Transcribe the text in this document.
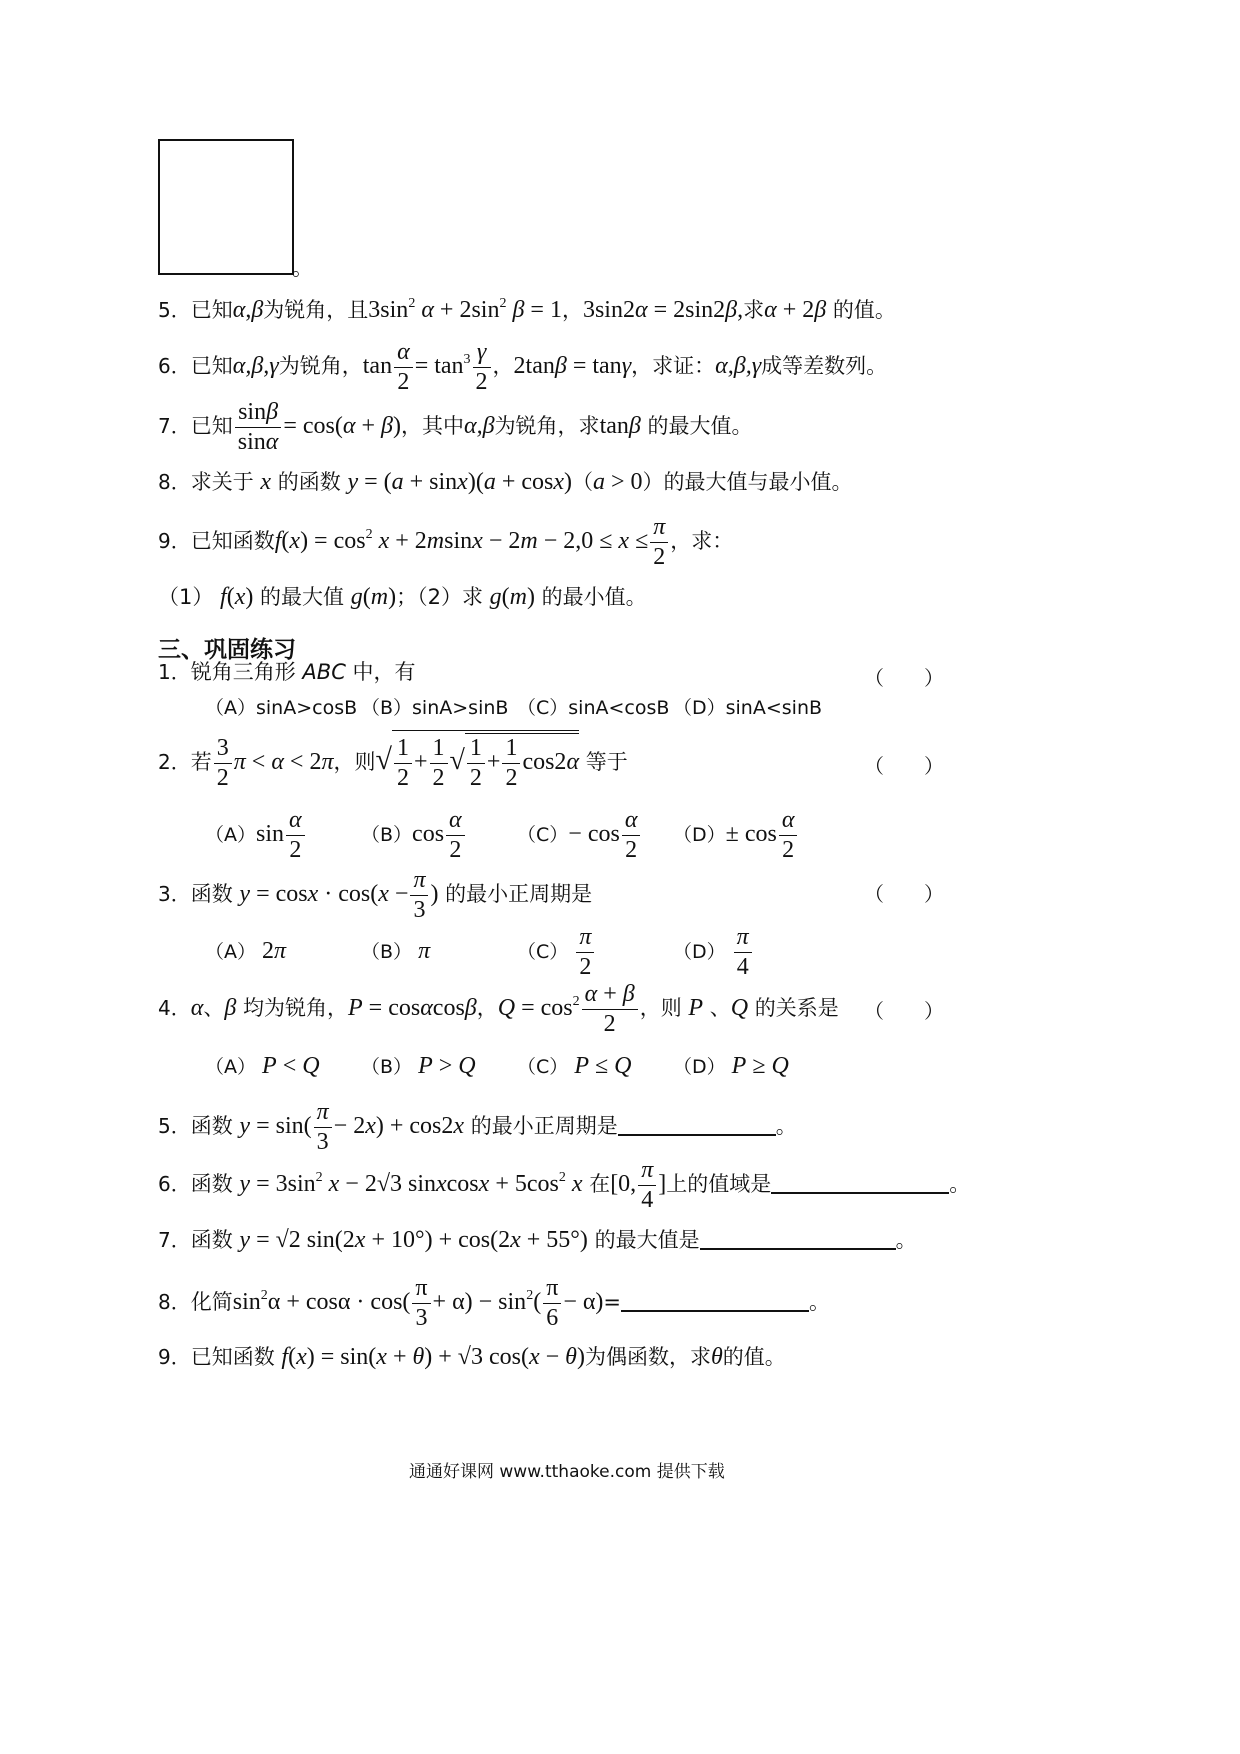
。
5．已知α,β为锐角，且$3\sin^2$ $\alpha + 2\sin^2$ β = 1，3sin2α = 2sin2β,求α + 2β 的值。
6．已知α,β,γ为锐角，$\tan \frac{\alpha}{2} = \tan^3 \frac{\gamma}{2}$ ，2tanβ = tanγ，求证：α,β,γ成等差数列。
7．已知 $\frac{\sin\beta}{\sin\alpha} = \cos(\alpha + \beta)$，其中α,β为锐角，求tanβ 的最大值。
8．求关于 x 的函数 y = (a + sinx)(a + cosx)（a > 0）的最大值与最小值。
9．已知函数$f(x) = \cos^2 x + 2msinx - 2m - 2,0 \le x \le \frac{\pi}{2}$ ，求：
（1） f(x) 的最大值 g(m)；（2）求 g(m) 的最小值。
三、巩固练习
1．锐角三角形 ABC 中，有	（　　）
（A）sinA>cosB （B）sinA>sinB （C）sinA<cosB （D）sinA<sinB
2．若 $\frac{3}{2}$ π < α < 2π，则√ $\frac{1}{2} + \frac{1}{2}$ √ $\frac{1}{2} + \frac{1}{2} \cos 2\alpha$ 等于	（　　）
$(A)\sin \frac{\alpha}{2}$	$(B)\cos \frac{\alpha}{2}$	$(C)- \cos \frac{\alpha}{2} (D)\pm \cos \frac{\alpha}{2}$
3．函数 $y = \cos x \cdot \cos(x - \frac{\pi}{3}$ ) 的最小正周期是	（　　）
（A） 2π	（B） π	$(C) \frac{\pi}{2}$	$(D) \frac{\pi}{4}$
4．α、β 均为锐角，P = cosαcosβ，$Q = \cos^2 \frac{\alpha + \beta}{2}$ ，则 P 、Q 的关系是 （　　）
（A） P < Q （B） P > Q （C） P ≤ Q （D） P ≥ Q
5．函数 $y = \sin( \frac{\pi}{3} - 2x) + \cos 2x$ 的最小正周期是	。
6．函数 $y = 3\sin^2$ x − 2√3 sinxcosx + $5\cos^2$ x 在[0, $\frac{\pi}{4}$ ]上的值域是	。
7．函数 y = √2 sin(2x + 10°) + cos(2x + 55°) 的最大值是	。
8．化简$\sin^2\alpha + \cos\alpha \cdot \cos( \frac{\pi}{3} + \alpha) - \sin^2( \frac{\pi}{6} - \alpha)=$	。
9．已知函数 f(x) = sin(x + θ) + √3 cos(x − θ)为偶函数，求θ的值。
通通好课网 www.tthaoke.com 提供下载
